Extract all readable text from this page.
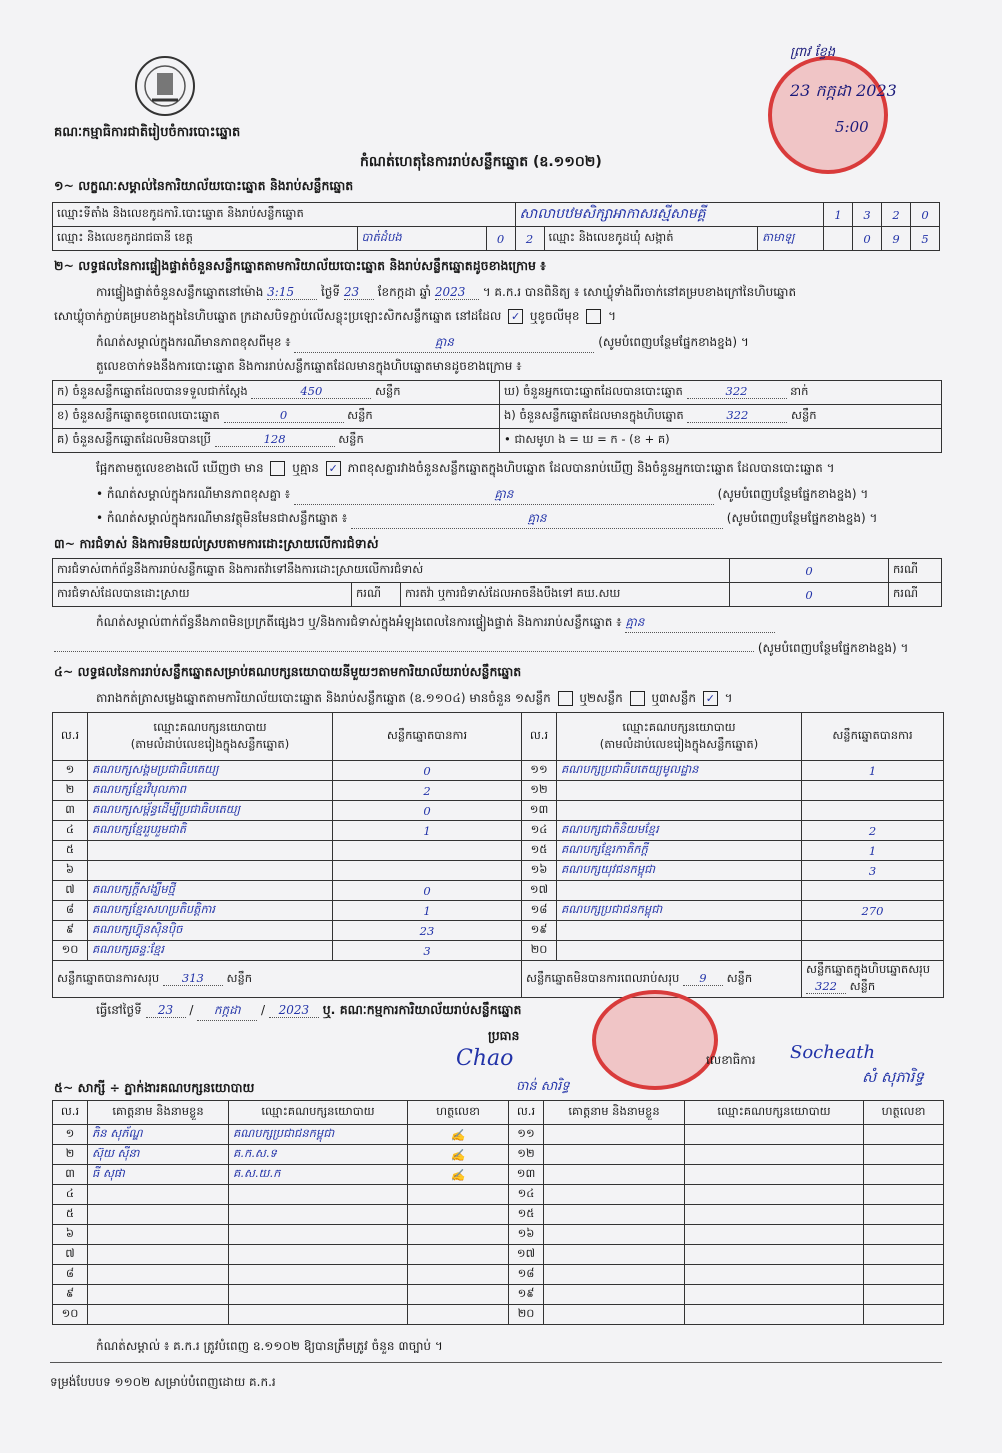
គណៈកម្មាធិការជាតិរៀបចំការបោះឆ្នោត
23 កក្កដា 2023
5:00
ព្រាវ ខ្វែង
កំណត់ហេតុនៃការរាប់សន្លឹកឆ្នោត (ឧ.១១០២)
១~ លក្ខណៈសម្គាល់នៃការិយាល័យបោះឆ្នោត និងរាប់សន្លឹកឆ្នោត
ឈ្មោះទីតាំង និងលេខកូដការិ.បោះឆ្នោត និងរាប់សន្លឹកឆ្នោត			សាលាបឋមសិក្សាអាកាសរស្មីសាមគ្គី			1	3	2	0
ឈ្មោះ និងលេខកូដរាជធានី ខេត្ត	បាត់ដំបង	0	2	ឈ្មោះ និងលេខកូដឃុំ សង្កាត់	តាមាឡ		0	9	5
២~ លទ្ធផលនៃការផ្ទៀងផ្ទាត់ចំនួនសន្លឹកឆ្នោតតាមការិយាល័យបោះឆ្នោត និងរាប់សន្លឹកឆ្នោតដូចខាងក្រោម ៖
ការផ្ទៀងផ្ទាត់ចំនួនសន្លឹកឆ្នោតនៅម៉ោង 3:15 ថ្ងៃទី 23 ខែកក្កដា ឆ្នាំ 2023 ។ គ.ក.រ បានពិនិត្យ ៖ សោឃ្លុំទាំងពីរចាក់នៅគម្របខាងក្រៅនៃហិបឆ្នោត
សោឃ្លុំចាក់ភ្ជាប់គម្របខាងក្នុងនៃហិបឆ្នោត ក្រដាសបិទភ្ជាប់លើសន្លុះប្រឡោះសិកសន្លឹកឆ្នោត នៅដដែល ✓ ឬខូចលីមុខ  ។
កំណត់សម្គាល់ក្នុងករណីមានភាពខុសពីមុខ ៖	គ្មាន	(សូមបំពេញបន្ថែមផ្នែកខាងខ្នង) ។
តួលេខចាក់ទងនឹងការបោះឆ្នោត និងការរាប់សន្លឹកឆ្នោតដែលមានក្នុងហិបឆ្នោតមានដូចខាងក្រោម ៖
ក) ចំនួនសន្លឹកឆ្នោតដែលបានទទួលជាក់ស្តែង 450 សន្លឹក	ឃ) ចំនួនអ្នកបោះឆ្នោតដែលបានបោះឆ្នោត 322 នាក់
ខ) ចំនួនសន្លឹកឆ្នោតខូចពេលបោះឆ្នោត 0 សន្លឹក	ង) ចំនួនសន្លឹកឆ្នោតដែលមានក្នុងហិបឆ្នោត 322 សន្លឹក
គ) ចំនួនសន្លឹកឆ្នោតដែលមិនបានប្រើ 128 សន្លឹក	• ជាសមូហ ង = ឃ = ក - (ខ + គ)
ផ្អែកតាមតួលេខខាងលើ ឃើញថា មាន ឬគ្មាន ✓ ភាពខុសគ្នារវាងចំនួនសន្លឹកឆ្នោតក្នុងហិបឆ្នោត ដែលបានរាប់ឃើញ និងចំនួនអ្នកបោះឆ្នោត ដែលបានបោះឆ្នោត ។
• កំណត់សម្គាល់ក្នុងករណីមានភាពខុសគ្នា ៖	គ្មាន	(សូមបំពេញបន្ថែមផ្នែកខាងខ្នង) ។
• កំណត់សម្គាល់ក្នុងករណីមានវត្ថុមិនមែនជាសន្លឹកឆ្នោត ៖	គ្មាន	(សូមបំពេញបន្ថែមផ្នែកខាងខ្នង) ។
៣~ ការជំទាស់ និងការមិនយល់ស្របតាមការដោះស្រាយលើការជំទាស់
ការជំទាស់ពាក់ព័ន្ធនឹងការរាប់សន្លឹកឆ្នោត និងការតវ៉ាទៅនឹងការដោះស្រាយលើការជំទាស់			0	ករណី
ការជំទាស់ដែលបានដោះស្រាយ	ករណី	ការតវ៉ា ឬការជំទាស់ដែលអាចនឹងបឹងទៅ គឃ.សឃ	0	ករណី
កំណត់សម្គាល់ពាក់ព័ន្ធនឹងភាពមិនប្រក្រតីផ្សេងៗ ឬ/និងការជំទាស់ក្នុងអំឡុងពេលនៃការផ្ទៀងផ្ទាត់ និងការរាប់សន្លឹកឆ្នោត ៖ គ្មាន
(សូមបំពេញបន្ថែមផ្នែកខាងខ្នង) ។
៤~ លទ្ធផលនៃការរាប់សន្លឹកឆ្នោតសម្រាប់គណបក្សនយោបាយនីមួយៗតាមការិយាល័យរាប់សន្លឹកឆ្នោត
តារាងកត់ត្រាសម្លេងឆ្នោតតាមការិយាល័យបោះឆ្នោត និងរាប់សន្លឹកឆ្នោត (ឧ.១១០៤) មានចំនួន ១សន្លឹក ឬ២សន្លឹក ឬ៣សន្លឹក ✓ ។
ល.រ	ឈ្មោះគណបក្សនយោបាយ
(តាមលំដាប់លេខរៀងក្នុងសន្លឹកឆ្នោត)	សន្លឹកឆ្នោតបានការ	ល.រ	ឈ្មោះគណបក្សនយោបាយ
(តាមលំដាប់លេខរៀងក្នុងសន្លឹកឆ្នោត)	សន្លឹកឆ្នោតបានការ
១	គណបក្សសង្គមប្រជាធិបតេយ្យ	0	១១	គណបក្សប្រជាធិបតេយ្យមូលដ្ឋាន	1
២	គណបក្សខ្មែរវិបុលភាព	2	១២		
៣	គណបក្សសម្ព័ន្ធដើម្បីប្រជាធិបតេយ្យ	0	១៣		
៤	គណបក្សខ្មែររួបរួមជាតិ	1	១៤	គណបក្សជាតិនិយមខ្មែរ	2
៥			១៥	គណបក្សខ្មែរកាតិកក្ដី	1
៦			១៦	គណបក្សយុវជនកម្ពុជា	3
៧	គណបក្សក្ដីសង្ឃឹមថ្មី	0	១៧		
៨	គណបក្សខ្មែរសហប្រតិបត្តិការ	1	១៨	គណបក្សប្រជាជនកម្ពុជា	270
៩	គណបក្សហ៊្វុនស៊ិនប៉ិច	23	១៩		
១០	គណបក្សឆន្ទៈខ្មែរ	3	២០		
សន្លឹកឆ្នោតបានការសរុប 313 សន្លឹក			សន្លឹកឆ្នោតមិនបានការពេលរាប់សរុប 9 សន្លឹក		សន្លឹកឆ្នោតក្នុងហិបឆ្នោតសរុប 322 សន្លឹក
ធ្វើនៅថ្ងៃទី 23 / កក្កដា / 2023 ឬ. គណៈកម្មការការិយាល័យរាប់សន្លឹកឆ្នោត
ប្រធាន
Chao
ចាន់ សារិទ្ធ
លេខាធិការ Socheath
សំ សុភារិទ្ធ
៥~ សាក្សី ÷ ភ្នាក់ងារគណបក្សនយោបាយ
ល.រ	គោត្តនាម និងនាមខ្លួន	ឈ្មោះគណបក្សនយោបាយ	ហត្ថលេខា	ល.រ	គោត្តនាម និងនាមខ្លួន	ឈ្មោះគណបក្សនយោបាយ	ហត្ថលេខា
១	ភិន សុភ័ណ្ឌ	គណបក្សប្រជាជនកម្ពុជា	✍	១១			
២	ស៊ុយ ស៊ីនា	គ.ក.ស.ទ	✍	១២			
៣	ធី សុផា	គ.ស.យ.ក	✍	១៣			
៤				១៤			
៥				១៥			
៦				១៦			
៧				១៧			
៨				១៨			
៩				១៩			
១០				២០			
កំណត់សម្គាល់ ៖ គ.ក.រ ត្រូវបំពេញ ឧ.១១០២ ឱ្យបានត្រឹមត្រូវ ចំនួន ៣ច្បាប់ ។
ទម្រង់បែបបទ ១១០២ សម្រាប់បំពេញដោយ គ.ក.រ
